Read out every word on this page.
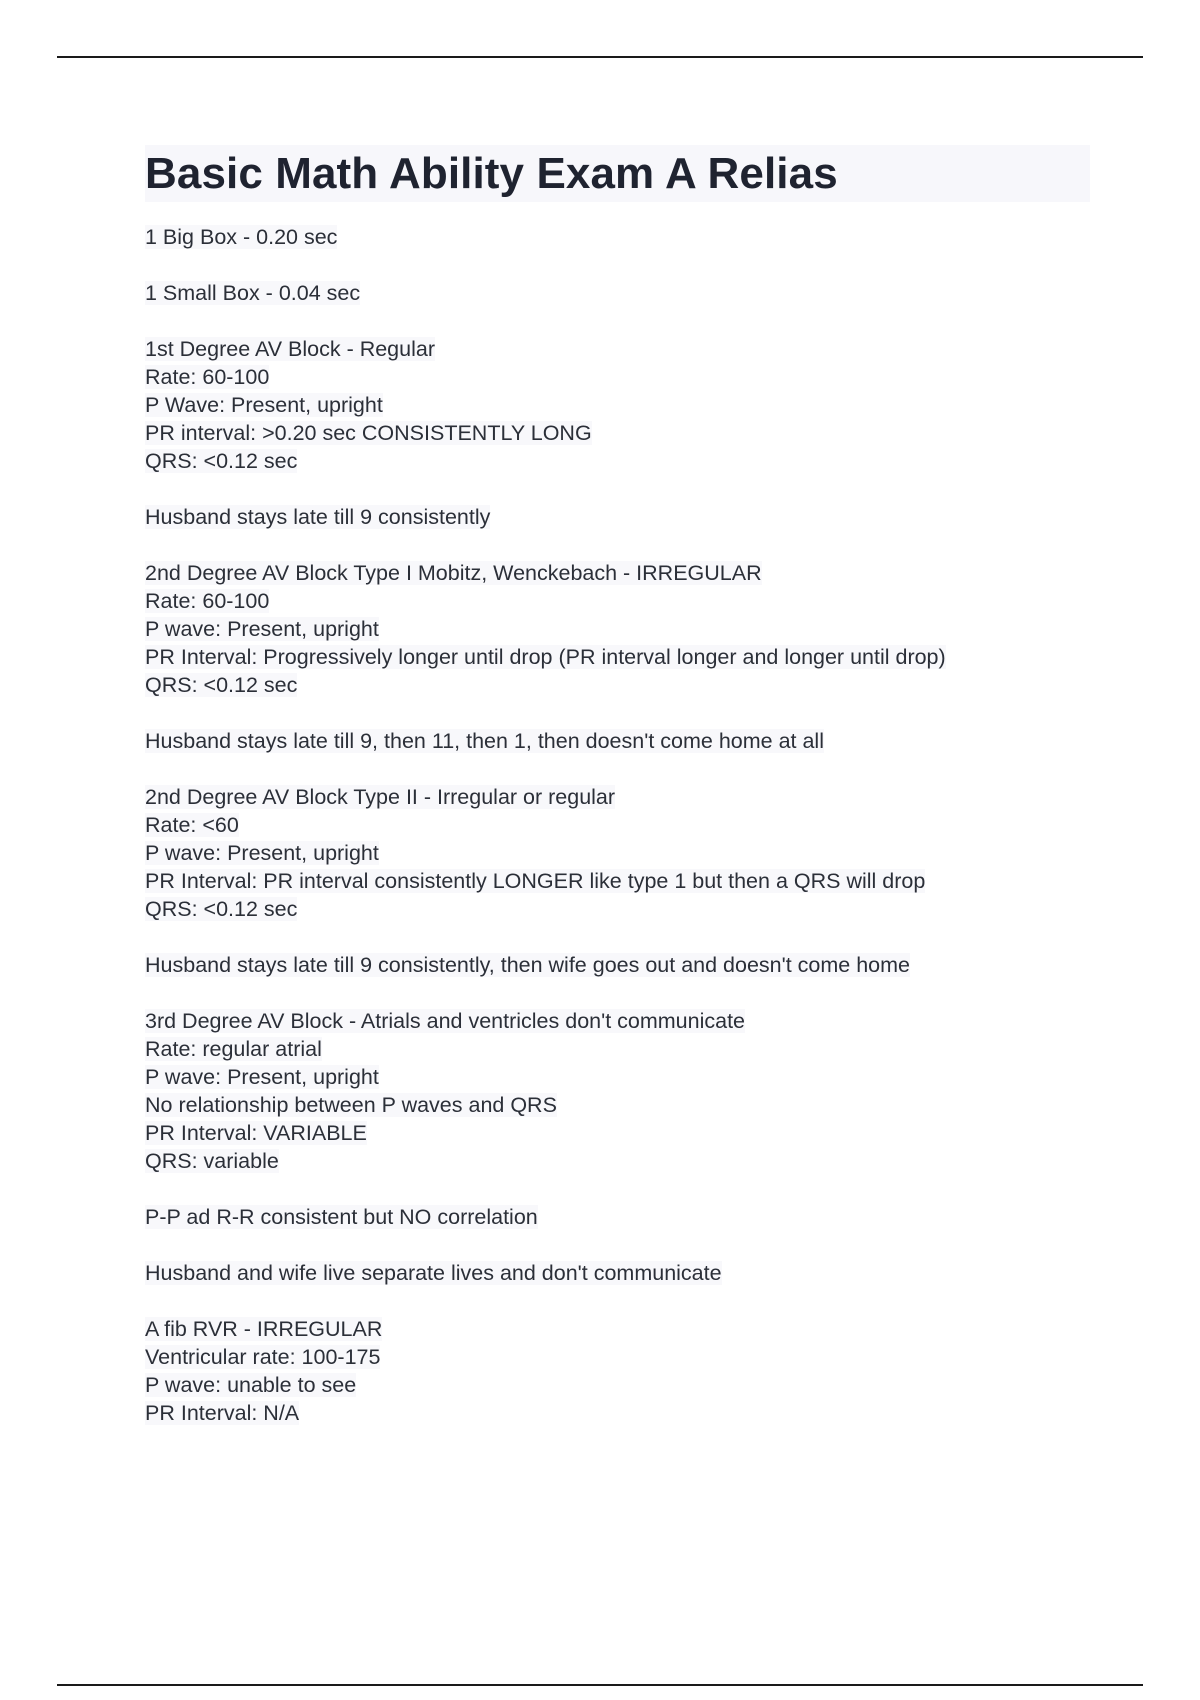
Basic Math Ability Exam A Relias
1 Big Box - 0.20 sec
1 Small Box - 0.04 sec
1st Degree AV Block - Regular
Rate: 60-100
P Wave: Present, upright
PR interval: >0.20 sec CONSISTENTLY LONG
QRS: <0.12 sec
Husband stays late till 9 consistently
2nd Degree AV Block Type I Mobitz, Wenckebach - IRREGULAR
Rate: 60-100
P wave: Present, upright
PR Interval: Progressively longer until drop (PR interval longer and longer until drop)
QRS: <0.12 sec
Husband stays late till 9, then 11, then 1, then doesn't come home at all
2nd Degree AV Block Type II - Irregular or regular
Rate: <60
P wave: Present, upright
PR Interval: PR interval consistently LONGER like type 1 but then a QRS will drop
QRS: <0.12 sec
Husband stays late till 9 consistently, then wife goes out and doesn't come home
3rd Degree AV Block - Atrials and ventricles don't communicate
Rate: regular atrial
P wave: Present, upright
No relationship between P waves and QRS
PR Interval: VARIABLE
QRS: variable
P-P ad R-R consistent but NO correlation
Husband and wife live separate lives and don't communicate
A fib RVR - IRREGULAR
Ventricular rate: 100-175
P wave: unable to see
PR Interval: N/A
